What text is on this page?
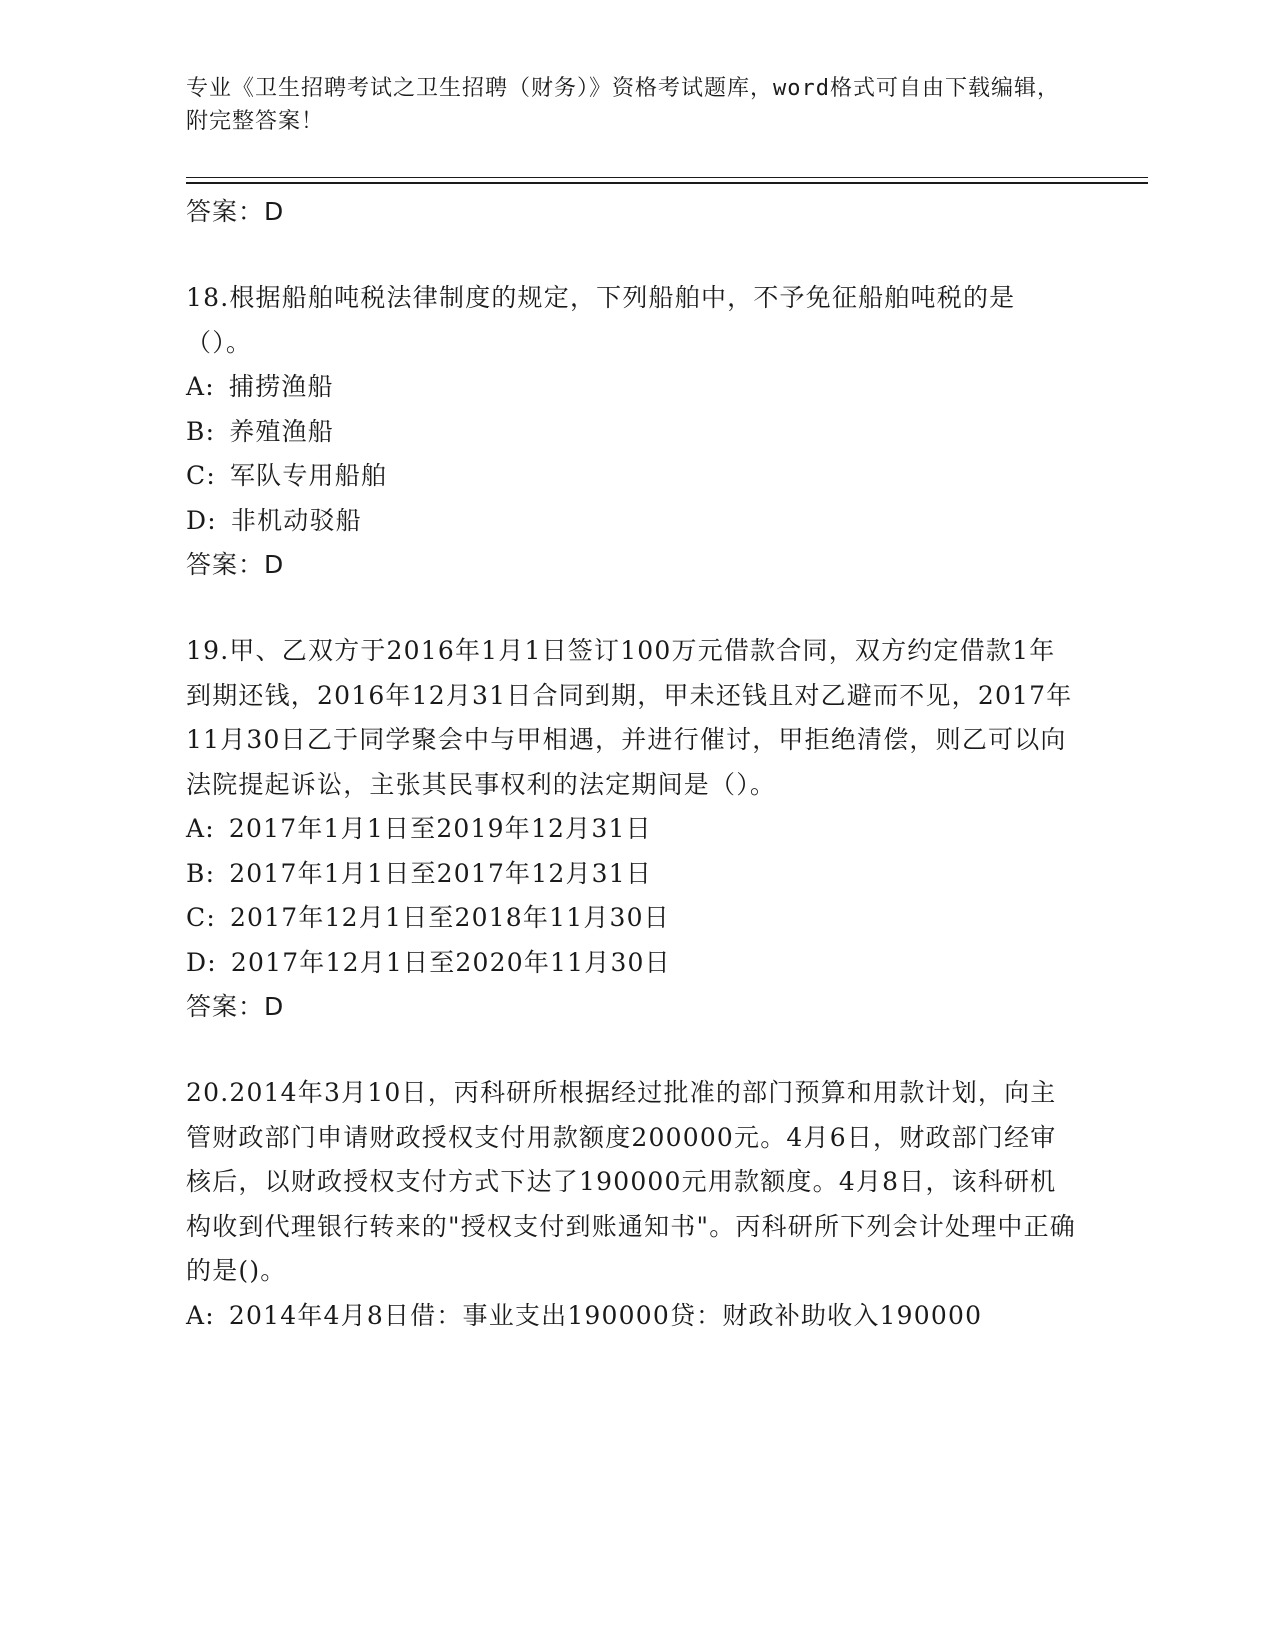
专业《卫生招聘考试之卫生招聘（财务）》资格考试题库，word格式可自由下载编辑，附完整答案！
答案：D

18.根据船舶吨税法律制度的规定，下列船舶中，不予免征船舶吨税的是（）。

A: 捕捞渔船

B: 养殖渔船

C: 军队专用船舶

D: 非机动驳船

答案：D

19.甲、乙双方于2016年1月1日签订100万元借款合同，双方约定借款1年到期还钱，2016年12月31日合同到期，甲未还钱且对乙避而不见，2017年11月30日乙于同学聚会中与甲相遇，并进行催讨，甲拒绝清偿，则乙可以向法院提起诉讼，主张其民事权利的法定期间是（）。

A: 2017年1月1日至2019年12月31日

B: 2017年1月1日至2017年12月31日

C: 2017年12月1日至2018年11月30日

D: 2017年12月1日至2020年11月30日

答案：D

20.2014年3月10日，丙科研所根据经过批准的部门预算和用款计划，向主管财政部门申请财政授权支付用款额度200000元。4月6日，财政部门经审核后，以财政授权支付方式下达了190000元用款额度。4月8日，该科研机构收到代理银行转来的"授权支付到账通知书"。丙科研所下列会计处理中正确的是()。

A: 2014年4月8日借：事业支出190000贷：财政补助收入190000
